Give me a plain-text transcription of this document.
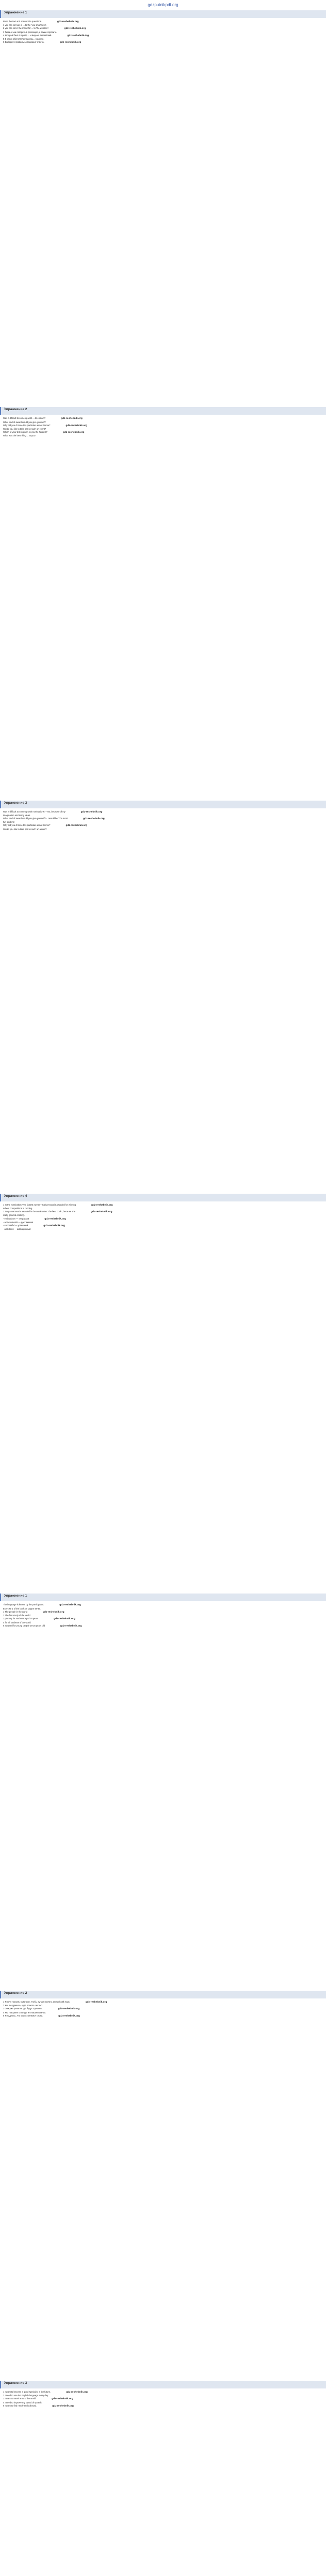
gdzputnikpdf.org
Упражнение 1
Read the text and answer the questions.	gdz-reshebnik.org
1 you are not sure if ... to the 'you smartness'.
2 you are not in the mood for ... to 'the weather'.	gdz-reshebnik.org
3 Тема о чем говорить в разговоре, а также спросите.
4 Который был в городе ... и выучил английский.	gdz-reshebnik.org
5 В каких обстоятельствах вы... в школе.
6 Выберите правильный вариант ответа.	gdz-reshebnik.org
Упражнение 2
Was it difficult to come up with ... to explain?	gdz-reshebnik.org
What kind of award would you give yourself?
Why did you choose this particular award theme?	gdz-reshebnik.org
Would you like to take part in such an event?
Which of your test is given to you the hardest?	gdz-reshebnik.org
What was the best thing ... to you?
Упражнение 3
Was it difficult to come up with nominations? - No, because of my	gdz-reshebnik.org
imagination and many ideas.
What kind of award would you give yourself? - I would be 'The most	gdz-reshebnik.org
fun student'.
Why did you choose this particular award theme?	gdz-reshebnik.org
Would you like to take part in such an award?
Упражнение 4
1 In the nomination 'The fastest runner' - Kalya-Ivana is awarded for winning	gdz-reshebnik.org
school competitions in running.
2 Tanya Ivanova is awarded in the nomination 'The best cook', because she	gdz-reshebnik.org
really good at cooking.
- enthusiasm — энтузиазм	gdz-reshebnik.org
- achievements — достижения
- successful — успешный	gdz-reshebnik.org
- ambitious — амбициозный
Упражнение 1
The language is known by the participants.	gdz-reshebnik.org
Exercise 1 of the book on pages 44-45.
1 The people in the world	gdz-reshebnik.org
2 The first study of the world
3 primary for students aged 16 years	gdz-reshebnik.org
4 for all students of the world
5 adopted for young people 16-25 years old	gdz-reshebnik.org
Упражнение 2
1 Я хочу поехать в Лондон, чтобы лучше изучить английский язык.	gdz-reshebnik.org
2 Как вы думаете, куда поехать летом?
3 Они уже решили, где будут отдыхать.	gdz-reshebnik.org
4 Мы говорили о погоде и о наших планах.
5 Я надеюсь, что мы встретимся снова.	gdz-reshebnik.org
Упражнение 3
1 I want to become a good specialist in the future.	gdz-reshebnik.org
2 I need to use the English language every day.
3 I want to travel around the world.	gdz-reshebnik.org
4 I need to improve my speed of speech.
5 I want to find new friends abroad.	gdz-reshebnik.org
